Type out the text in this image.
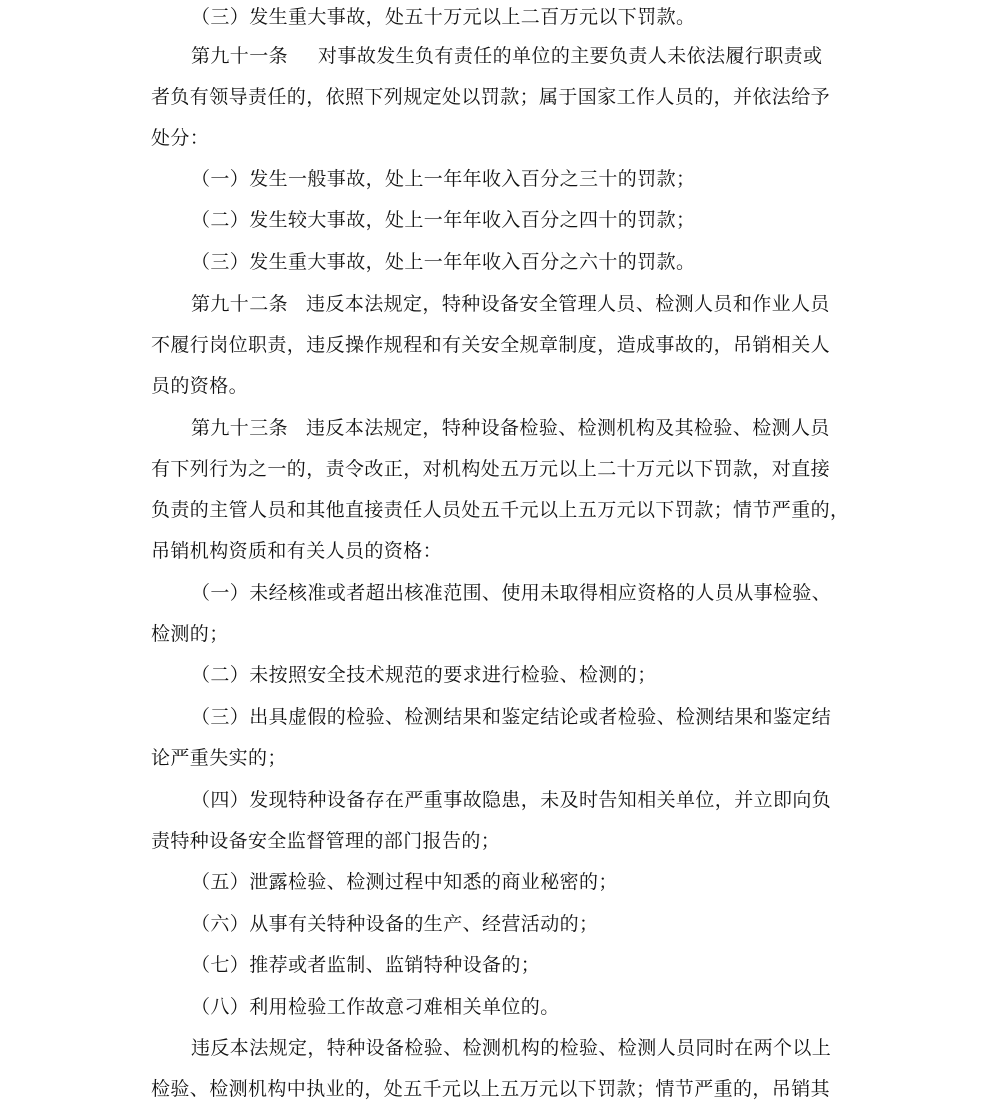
（三）发生重大事故，处五十万元以上二百万元以下罚款。
第九十一条 对事故发生负有责任的单位的主要负责人未依法履行职责或
者负有领导责任的，依照下列规定处以罚款；属于国家工作人员的，并依法给予
处分：
（一）发生一般事故，处上一年年收入百分之三十的罚款；
（二）发生较大事故，处上一年年收入百分之四十的罚款；
（三）发生重大事故，处上一年年收入百分之六十的罚款。
第九十二条 违反本法规定，特种设备安全管理人员、检测人员和作业人员
不履行岗位职责，违反操作规程和有关安全规章制度，造成事故的，吊销相关人
员的资格。
第九十三条 违反本法规定，特种设备检验、检测机构及其检验、检测人员
有下列行为之一的，责令改正，对机构处五万元以上二十万元以下罚款，对直接
负责的主管人员和其他直接责任人员处五千元以上五万元以下罚款；情节严重的，
吊销机构资质和有关人员的资格：
（一）未经核准或者超出核准范围、使用未取得相应资格的人员从事检验、
检测的；
（二）未按照安全技术规范的要求进行检验、检测的；
（三）出具虚假的检验、检测结果和鉴定结论或者检验、检测结果和鉴定结
论严重失实的；
（四）发现特种设备存在严重事故隐患，未及时告知相关单位，并立即向负
责特种设备安全监督管理的部门报告的；
（五）泄露检验、检测过程中知悉的商业秘密的；
（六）从事有关特种设备的生产、经营活动的；
（七）推荐或者监制、监销特种设备的；
（八）利用检验工作故意刁难相关单位的。
违反本法规定，特种设备检验、检测机构的检验、检测人员同时在两个以上
检验、检测机构中执业的，处五千元以上五万元以下罚款；情节严重的，吊销其
